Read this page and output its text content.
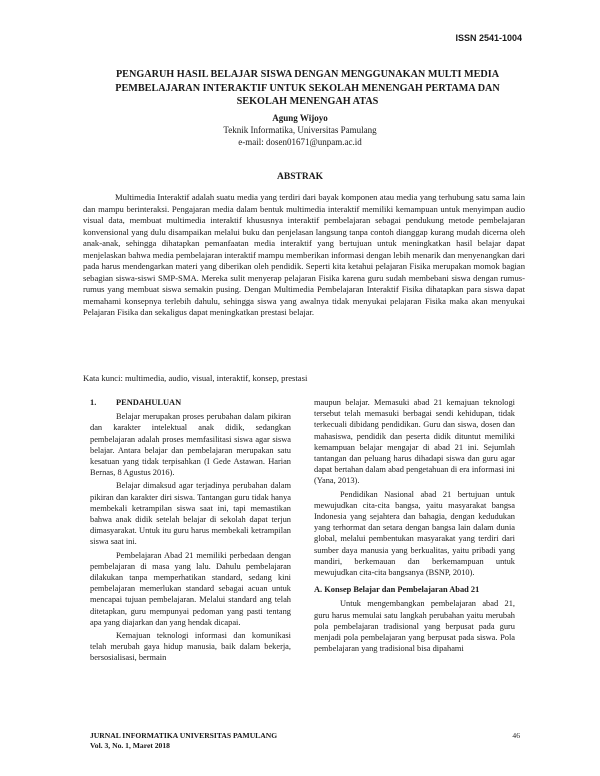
ISSN 2541-1004
PENGARUH HASIL BELAJAR SISWA DENGAN MENGGUNAKAN MULTI MEDIA
PEMBELAJARAN INTERAKTIF UNTUK SEKOLAH MENENGAH PERTAMA DAN
SEKOLAH MENENGAH ATAS
Agung Wijoyo
Teknik Informatika, Universitas Pamulang
e-mail: dosen01671@unpam.ac.id
ABSTRAK

Multimedia Interaktif adalah suatu media yang terdiri dari bayak komponen atau media yang terhubung satu sama lain dan mampu berinteraksi. Pengajaran media dalam bentuk multimedia interaktif memiliki kemampuan untuk menyimpan audio visual data, membuat multimedia interaktif khususnya interaktif pembelajaran sebagai pendukung metode pembelajaran konvensional yang dulu disampaikan melalui buku dan penjelasan langsung tanpa contoh dianggap kurang mudah dicerna oleh anak-anak, sehingga dihatapkan pemanfaatan media interaktif yang bertujuan untuk meningkatkan hasil belajar dapat menjelaskan bahwa media pembelajaran interaktif mampu memberikan informasi dengan lebih menarik dan menyenangkan dari pada harus mendengarkan materi yang diberikan oleh pendidik. Seperti kita ketahui pelajaran Fisika merupakan momok bagian sebagian siswa-siswi SMP-SMA. Mereka sulit menyerap pelajaran Fisika karena guru sudah membebani siswa dengan rumus-rumus yang membuat siswa semakin pusing. Dengan Multimedia Pembelajaran Interaktif Fisika dihatapkan para siswa dapat memahami konsepnya terlebih dahulu, sehingga siswa yang awalnya tidak menyukai pelajaran Fisika maka akan menyukai Pelajaran Fisika dan sekaligus dapat meningkatkan prestasi belajar.

Kata kunci: multimedia, audio, visual, interaktif, konsep, prestasi
1. PENDAHULUAN

Belajar merupakan proses perubahan dalam pikiran dan karakter intelektual anak didik, sedangkan pembelajaran adalah proses memfasilitasi siswa agar siswa belajar. Antara belajar dan pembelajaran merupakan satu kesatuan yang tidak terpisahkan (I Gede Astawan. Harian Bernas, 8 Agustus 2016).

Belajar dimaksud agar terjadinya perubahan dalam pikiran dan karakter diri siswa. Tantangan guru tidak hanya membekali ketrampilan siswa saat ini, tapi memastikan bahwa anak didik setelah belajar di sekolah dapat terjun dimasyarakat. Untuk itu guru harus membekali ketrampilan siswa saat ini.

Pembelajaran Abad 21 memiliki perbedaan dengan pembelajaran di masa yang lalu. Dahulu pembelajaran dilakukan tanpa memperhatikan standard, sedang kini pembelajaran memerlukan standard sebagai acuan untuk mencapai tujuan pembelajaran. Melalui standard ang telah ditetapkan, guru mempunyai pedoman yang pasti tentang apa yang diajarkan dan yang hendak dicapai.

Kemajuan teknologi informasi dan komunikasi telah merubah gaya hidup manusia, baik dalam bekerja, bersosialisasi, bermain

maupun belajar. Memasuki abad 21 kemajuan teknologi tersebut telah memasuki berbagai sendi kehidupan, tidak terkecuali dibidang pendidikan. Guru dan siswa, dosen dan mahasiswa, pendidik dan peserta didik dituntut memiliki kemampuan belajar mengajar di abad 21 ini. Sejumlah tantangan dan peluang harus dihadapi siswa dan guru agar dapat bertahan dalam abad pengetahuan di era informasi ini (Yana, 2013).

Pendidikan Nasional abad 21 bertujuan untuk mewujudkan cita-cita bangsa, yaitu masyarakat bangsa Indonesia yang sejahtera dan bahagia, dengan kedudukan yang terhormat dan setara dengan bangsa lain dalam dunia global, melalui pembentukan masyarakat yang terdiri dari sumber daya manusia yang berkualitas, yaitu pribadi yang mandiri, berkemauan dan berkemampuan untuk mewujudkan cita-cita bangsanya (BSNP, 2010).

A. Konsep Belajar dan Pembelajaran Abad 21

Untuk mengembangkan pembelajaran abad 21, guru harus memulai satu langkah perubahan yaitu merubah pola pembelajaran tradisional yang berpusat pada guru menjadi pola pembelajaran yang berpusat pada siswa. Pola pembelajaran yang tradisional bisa dipahami

JURNAL INFORMATIKA UNIVERSITAS PAMULANG
Vol. 3, No. 1, Maret 2018
46
